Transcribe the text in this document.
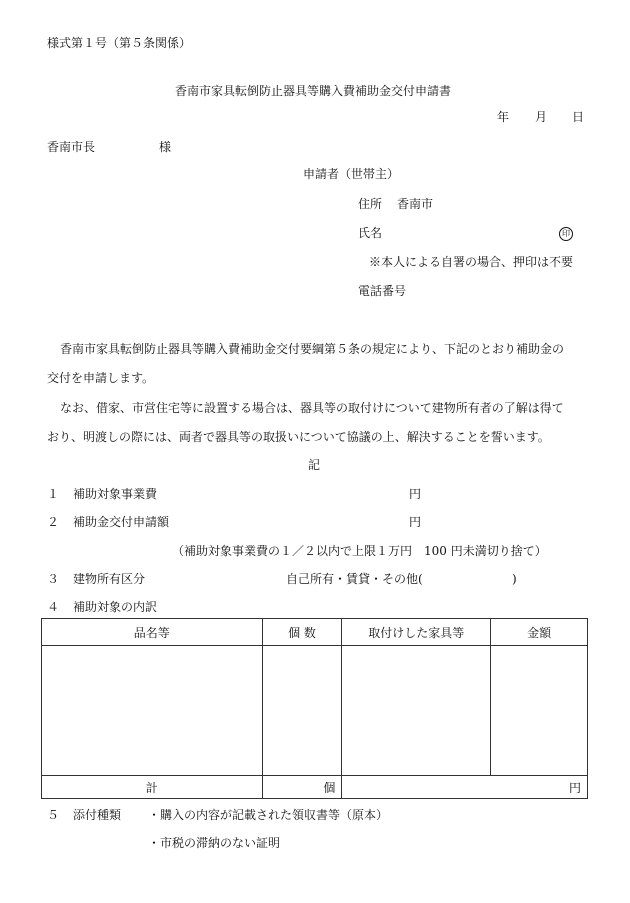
様式第１号（第５条関係）
香南市家具転倒防止器具等購入費補助金交付申請書
年 月 日
香南市長	様
申請者（世帯主）
住所 香南市
氏名	印
※本人による自署の場合、押印は不要
電話番号
香南市家具転倒防止器具等購入費補助金交付要綱第５条の規定により、下記のとおり補助金の
交付を申請します。
なお、借家、市営住宅等に設置する場合は、器具等の取付けについて建物所有者の了解は得て
おり、明渡しの際には、両者で器具等の取扱いについて協議の上、解決することを誓います。
記
１ 補助対象事業費	円
２ 補助金交付申請額	円
（補助対象事業費の１／２以内で上限１万円　100 円未満切り捨て）
３ 建物所有区分	自己所有・賃貸・その他(	)
４ 補助対象の内訳
品名等	個 数	取付けした家具等	金額

計	個	円	
５ 添付種類 ・購入の内容が記載された領収書等（原本）
・市税の滞納のない証明
